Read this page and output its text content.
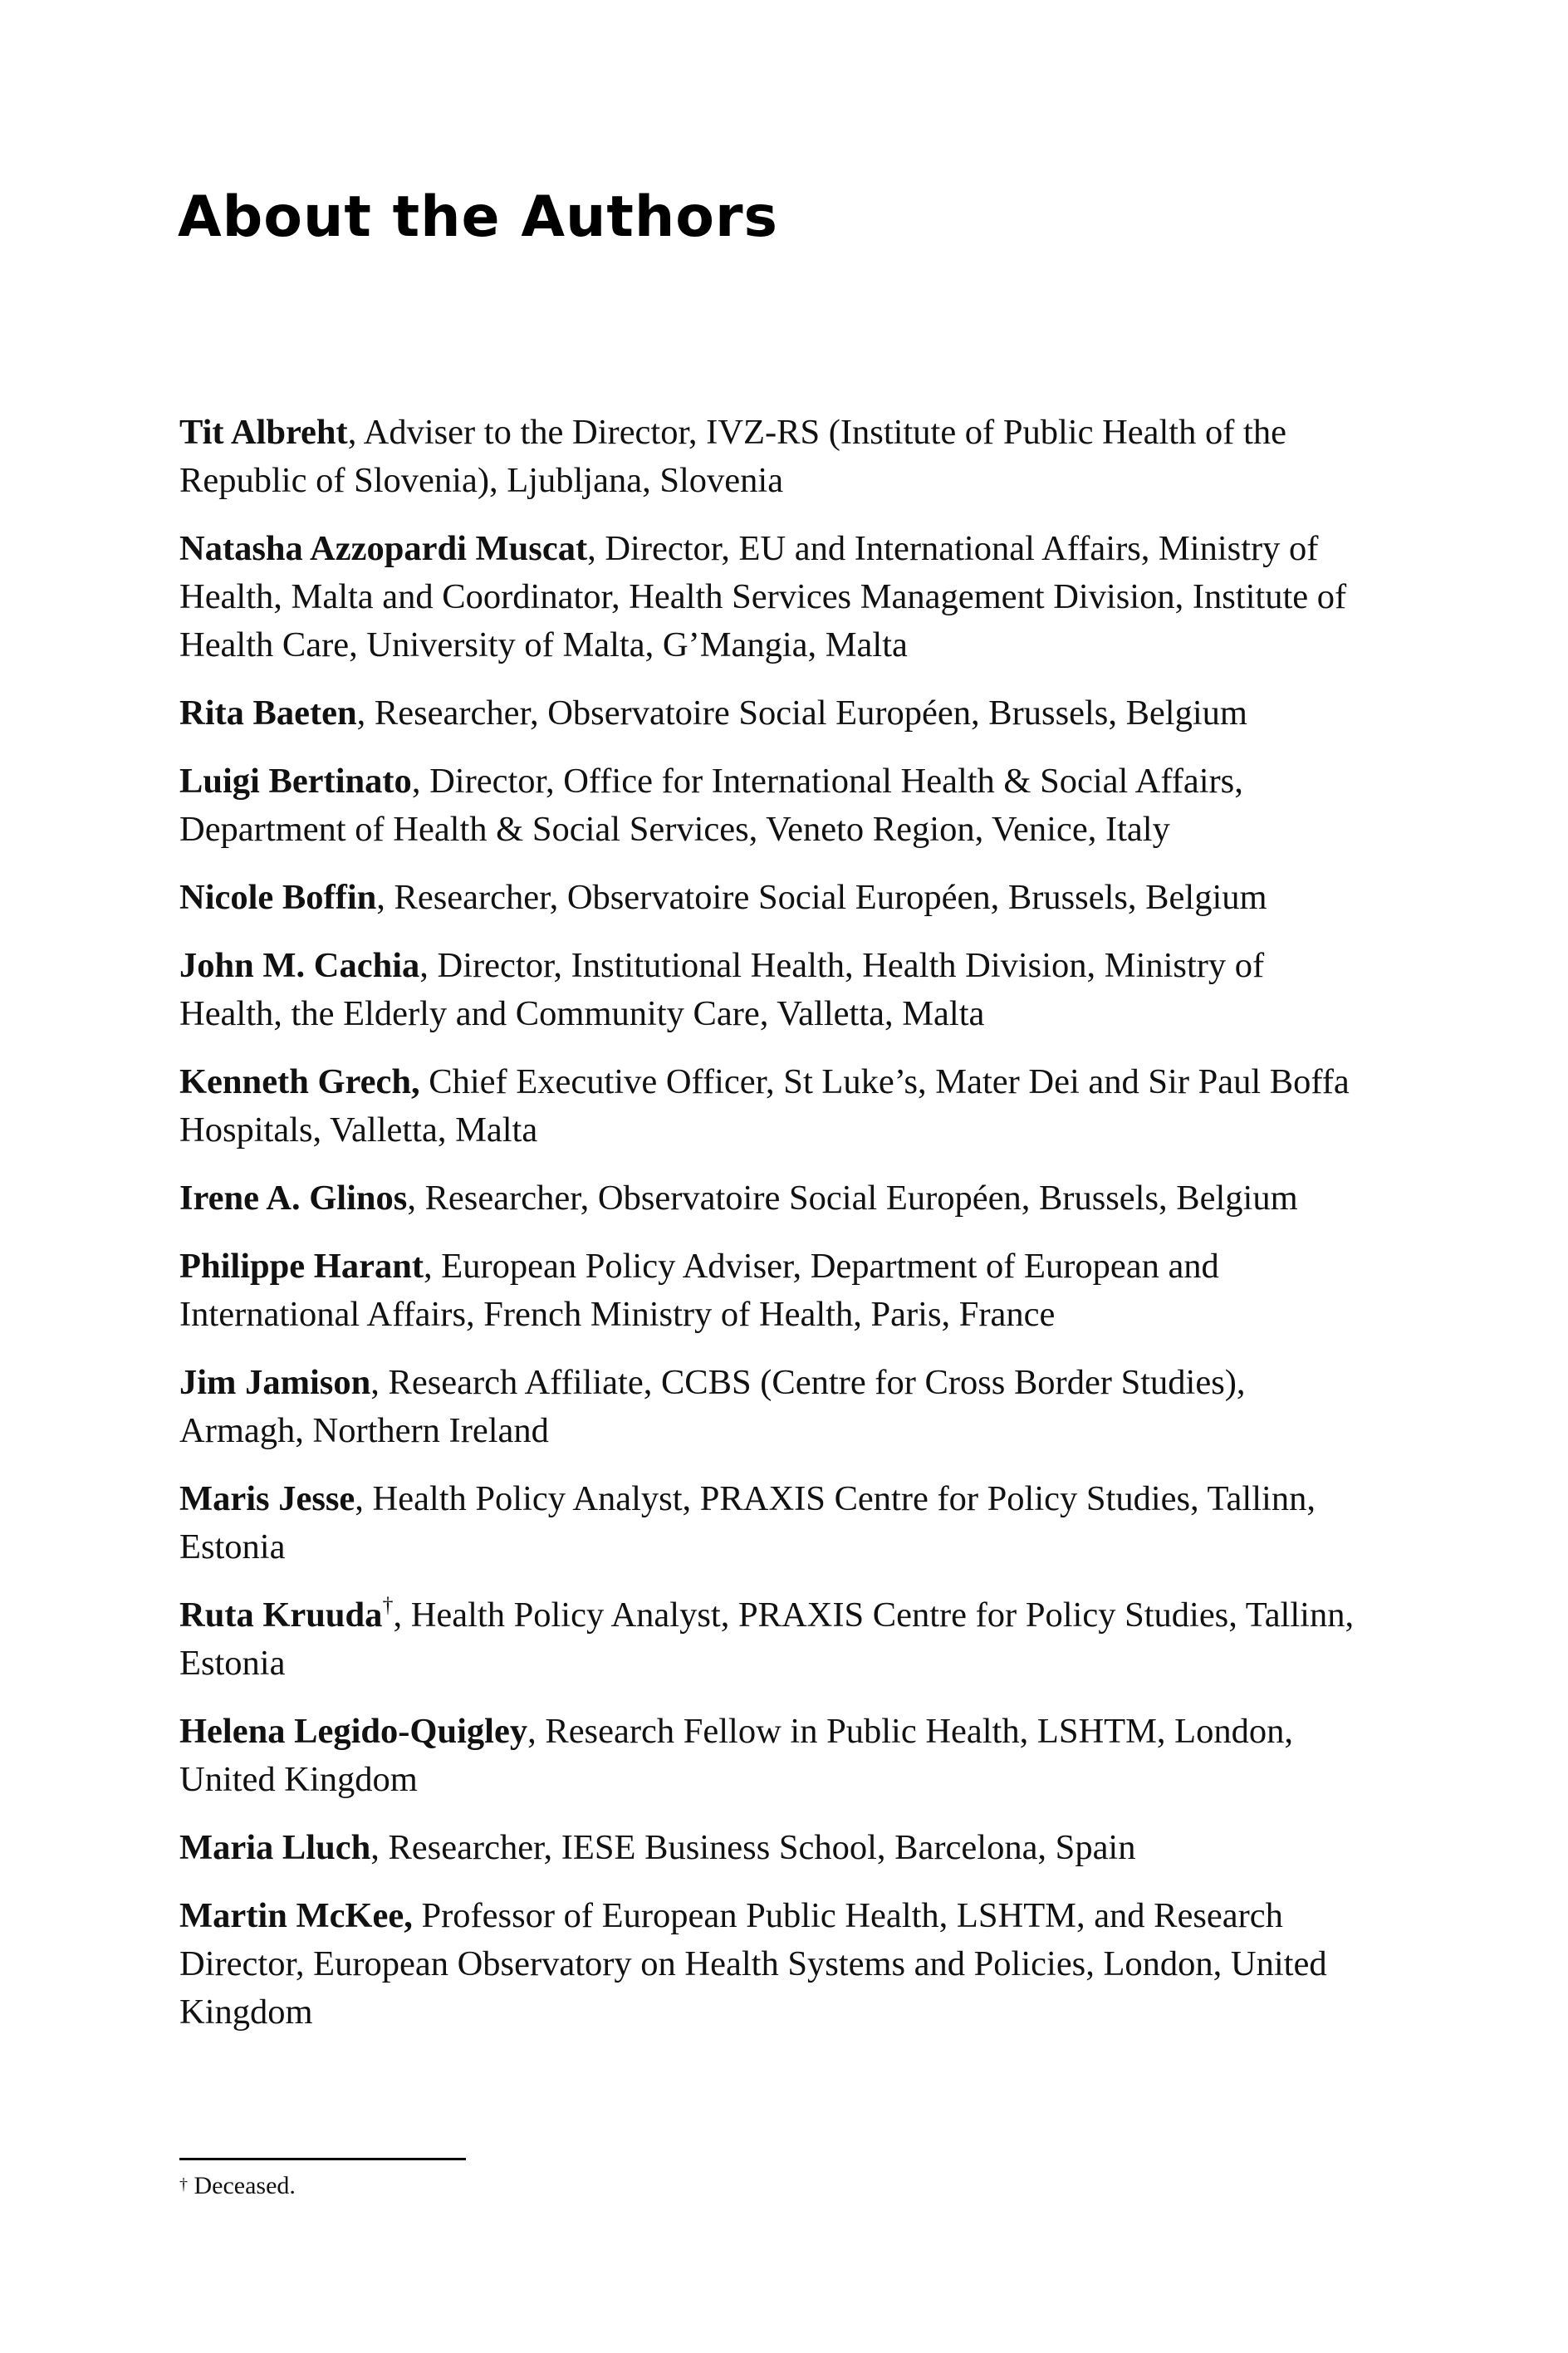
About the Authors

Tit Albreht, Adviser to the Director, IVZ-RS (Institute of Public Health of the Republic of Slovenia), Ljubljana, Slovenia

Natasha Azzopardi Muscat, Director, EU and International Affairs, Ministry of Health, Malta and Coordinator, Health Services Management Division, Institute of Health Care, University of Malta, G’Mangia, Malta

Rita Baeten, Researcher, Observatoire Social Européen, Brussels, Belgium

Luigi Bertinato, Director, Office for International Health & Social Affairs, Department of Health & Social Services, Veneto Region, Venice, Italy

Nicole Boffin, Researcher, Observatoire Social Européen, Brussels, Belgium

John M. Cachia, Director, Institutional Health, Health Division, Ministry of Health, the Elderly and Community Care, Valletta, Malta

Kenneth Grech, Chief Executive Officer, St Luke’s, Mater Dei and Sir Paul Boffa Hospitals, Valletta, Malta

Irene A. Glinos, Researcher, Observatoire Social Européen, Brussels, Belgium

Philippe Harant, European Policy Adviser, Department of European and International Affairs, French Ministry of Health, Paris, France

Jim Jamison, Research Affiliate, CCBS (Centre for Cross Border Studies), Armagh, Northern Ireland

Maris Jesse, Health Policy Analyst, PRAXIS Centre for Policy Studies, Tallinn, Estonia

Ruta Kruuda†, Health Policy Analyst, PRAXIS Centre for Policy Studies, Tallinn, Estonia

Helena Legido-Quigley, Research Fellow in Public Health, LSHTM, London, United Kingdom

Maria Lluch, Researcher, IESE Business School, Barcelona, Spain

Martin McKee, Professor of European Public Health, LSHTM, and Research Director, European Observatory on Health Systems and Policies, London, United Kingdom

† Deceased.
